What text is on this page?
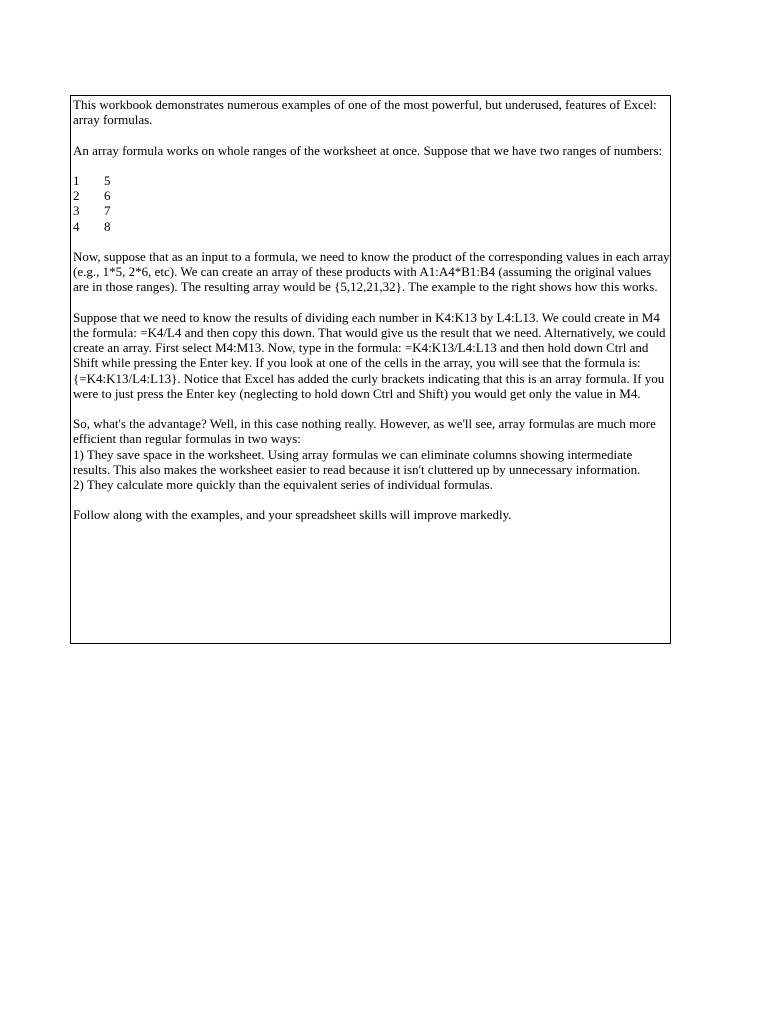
This workbook demonstrates numerous examples of one of the most powerful, but underused, features of Excel: array formulas.

An array formula works on whole ranges of the worksheet at once. Suppose that we have two ranges of numbers:

1	5
2	6
3	7
4	8

Now, suppose that as an input to a formula, we need to know the product of the corresponding values in each array (e.g., 1*5, 2*6, etc). We can create an array of these products with A1:A4*B1:B4 (assuming the original values are in those ranges). The resulting array would be {5,12,21,32}. The example to the right shows how this works.

Suppose that we need to know the results of dividing each number in K4:K13 by L4:L13. We could create in M4 the formula: =K4/L4 and then copy this down. That would give us the result that we need. Alternatively, we could create an array. First select M4:M13. Now, type in the formula: =K4:K13/L4:L13 and then hold down Ctrl and Shift while pressing the Enter key. If you look at one of the cells in the array, you will see that the formula is: {=K4:K13/L4:L13}. Notice that Excel has added the curly brackets indicating that this is an array formula. If you were to just press the Enter key (neglecting to hold down Ctrl and Shift) you would get only the value in M4.

So, what's the advantage? Well, in this case nothing really. However, as we'll see, array formulas are much more efficient than regular formulas in two ways:
1) They save space in the worksheet. Using array formulas we can eliminate columns showing intermediate results. This also makes the worksheet easier to read because it isn't cluttered up by unnecessary information.
2) They calculate more quickly than the equivalent series of individual formulas.

Follow along with the examples, and your spreadsheet skills will improve markedly.
